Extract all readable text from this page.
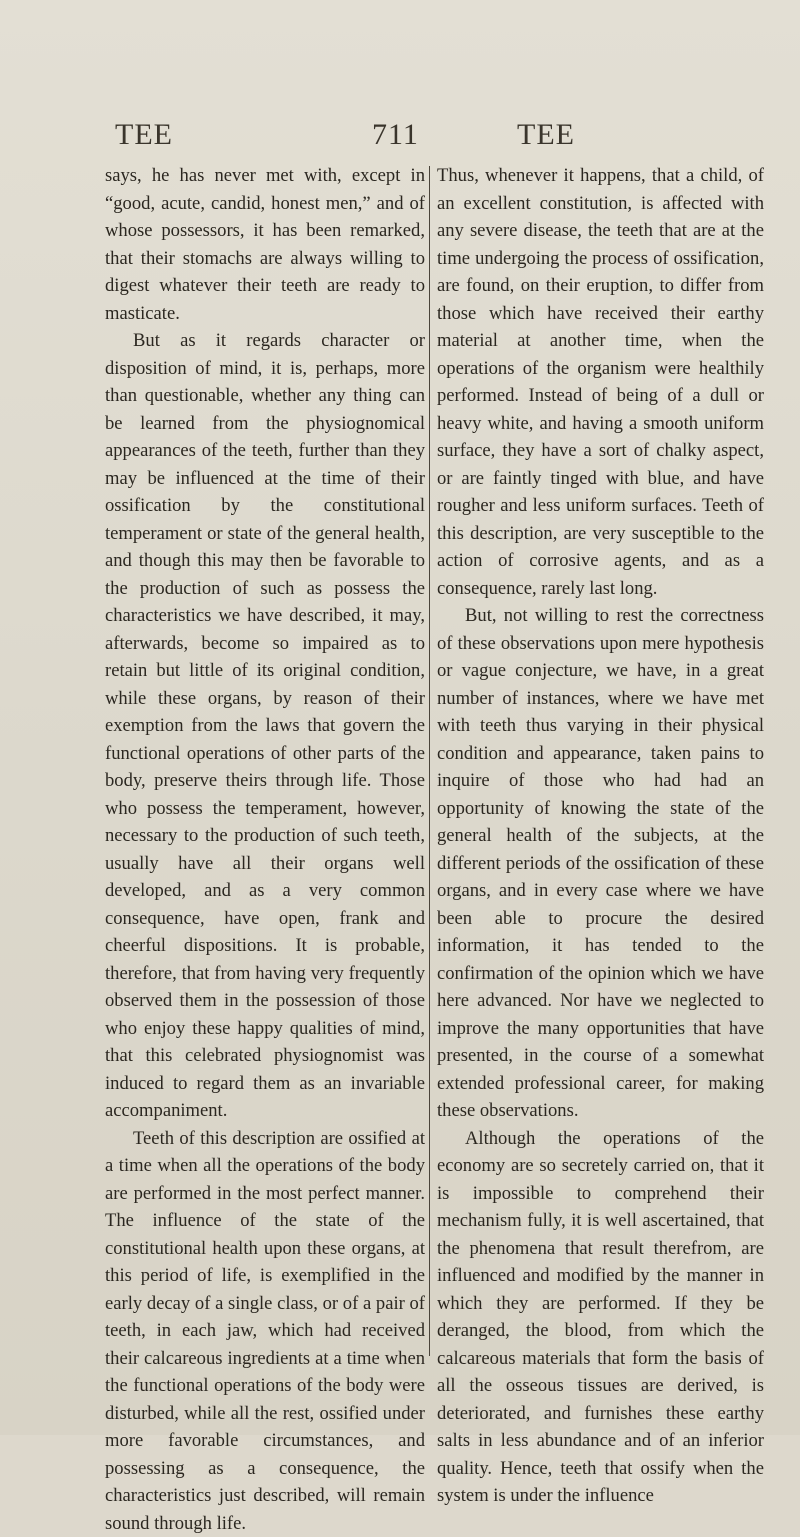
TEE	711	TEE

says, he has never met with, except in “good, acute, candid, honest men,” and of whose possessors, it has been remarked, that their stomachs are always willing to digest whatever their teeth are ready to masticate.

But as it regards character or disposition of mind, it is, perhaps, more than questionable, whether any thing can be learned from the physiognomical appearances of the teeth, further than they may be influenced at the time of their ossification by the constitutional temperament or state of the general health, and though this may then be favorable to the production of such as possess the characteristics we have described, it may, afterwards, become so impaired as to retain but little of its original condition, while these organs, by reason of their exemption from the laws that govern the functional operations of other parts of the body, preserve theirs through life. Those who possess the temperament, however, necessary to the production of such teeth, usually have all their organs well developed, and as a very common consequence, have open, frank and cheerful dispositions. It is probable, therefore, that from having very frequently observed them in the possession of those who enjoy these happy qualities of mind, that this celebrated physiognomist was induced to regard them as an invariable accompaniment.

Teeth of this description are ossified at a time when all the operations of the body are performed in the most perfect manner. The influence of the state of the constitutional health upon these organs, at this period of life, is exemplified in the early decay of a single class, or of a pair of teeth, in each jaw, which had received their calcareous ingredients at a time when the functional operations of the body were disturbed, while all the rest, ossified under more favorable circumstances, and possessing as a consequence, the characteristics just described, will remain sound through life.

Thus, whenever it happens, that a child, of an excellent constitution, is affected with any severe disease, the teeth that are at the time undergoing the process of ossification, are found, on their eruption, to differ from those which have received their earthy material at another time, when the operations of the organism were healthily performed. Instead of being of a dull or heavy white, and having a smooth uniform surface, they have a sort of chalky aspect, or are faintly tinged with blue, and have rougher and less uniform surfaces. Teeth of this description, are very susceptible to the action of corrosive agents, and as a consequence, rarely last long.

But, not willing to rest the correctness of these observations upon mere hypothesis or vague conjecture, we have, in a great number of instances, where we have met with teeth thus varying in their physical condition and appearance, taken pains to inquire of those who had had an opportunity of knowing the state of the general health of the subjects, at the different periods of the ossification of these organs, and in every case where we have been able to procure the desired information, it has tended to the confirmation of the opinion which we have here advanced. Nor have we neglected to improve the many opportunities that have presented, in the course of a somewhat extended professional career, for making these observations.

Although the operations of the economy are so secretely carried on, that it is impossible to comprehend their mechanism fully, it is well ascertained, that the phenomena that result therefrom, are influenced and modified by the manner in which they are performed. If they be deranged, the blood, from which the calcareous materials that form the basis of all the osseous tissues are derived, is deteriorated, and furnishes these earthy salts in less abundance and of an inferior quality. Hence, teeth that ossify when the system is under the influence
